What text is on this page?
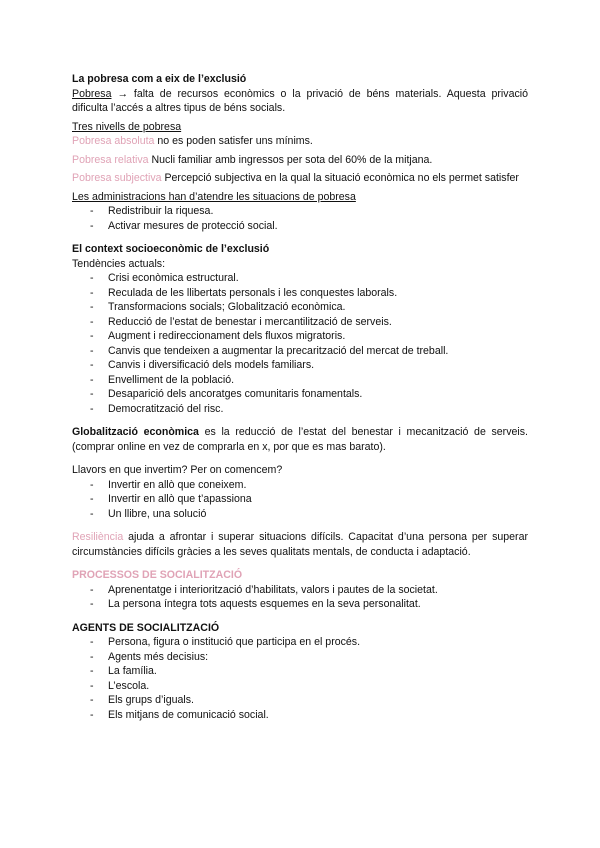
La pobresa com a eix de l’exclusió

Pobresa → falta de recursos econòmics o la privació de béns materials. Aquesta privació dificulta l’accés a altres tipus de béns socials.

Tres nivells de pobresa

Pobresa absoluta no es poden satisfer uns mínims.

Pobresa relativa Nucli familiar amb ingressos per sota del 60% de la mitjana.

Pobresa subjectiva Percepció subjectiva en la qual la situació econòmica no els permet satisfer

Les administracions han d’atendre les situacions de pobresa

- Redistribuir la riquesa.
- Activar mesures de protecció social.

El context socioeconòmic de l’exclusió

Tendències actuals:

- Crisi econòmica estructural.
- Reculada de les llibertats personals i les conquestes laborals.
- Transformacions socials; Globalització econòmica.
- Reducció de l’estat de benestar i mercantilització de serveis.
- Augment i redireccionament dels fluxos migratoris.
- Canvis que tendeixen a augmentar la precarització del mercat de treball.
- Canvis i diversificació dels models familiars.
- Envelliment de la població.
- Desaparició dels ancoratges comunitaris fonamentals.
- Democratització del risc.

Globalització econòmica es la reducció de l’estat del benestar i mecanització de serveis. (comprar online en vez de comprarla en x, por que es mas barato).

Llavors en que invertim? Per on comencem?

- Invertir en allò que coneixem.
- Invertir en allò que t’apassiona
- Un llibre, una solució

Resiliència ajuda a afrontar i superar situacions difícils. Capacitat d’una persona per superar circumstàncies difícils gràcies a les seves qualitats mentals, de conducta i adaptació.

PROCESSOS DE SOCIALITZACIÓ

- Aprenentatge i interiorització d’habilitats, valors i pautes de la societat.
- La persona íntegra tots aquests esquemes en la seva personalitat.

AGENTS DE SOCIALITZACIÓ

- Persona, figura o institució que participa en el procés.
- Agents més decisius:
- La família.
- L’escola.
- Els grups d’iguals.
- Els mitjans de comunicació social.
